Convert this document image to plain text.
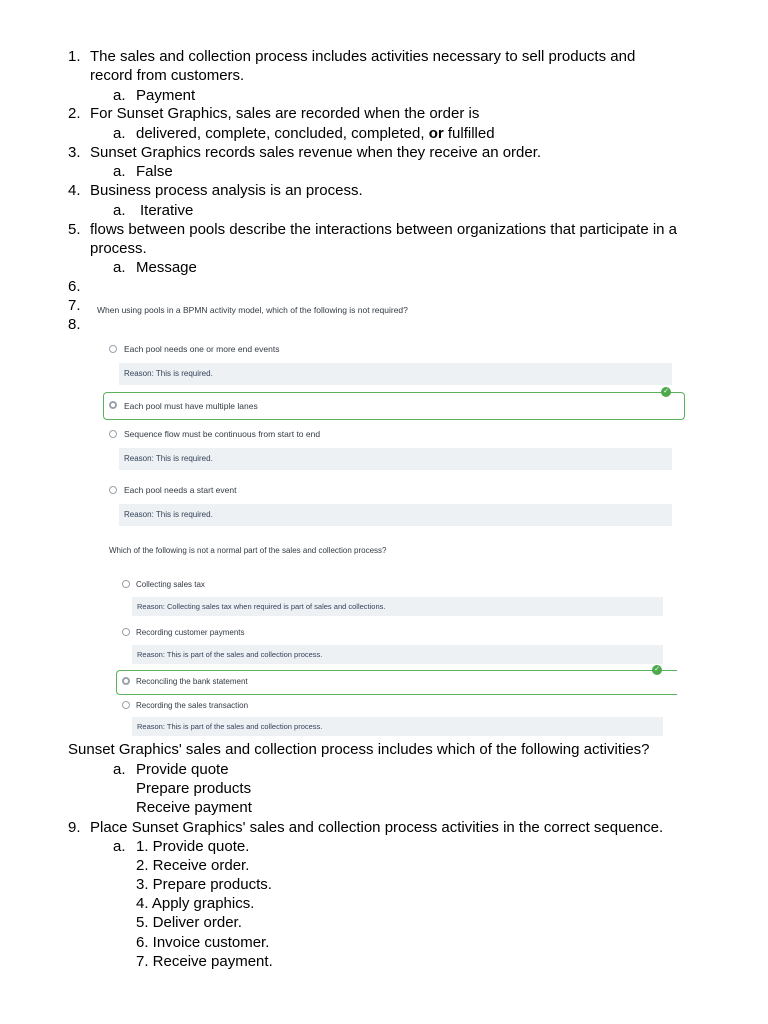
1. The sales and collection process includes activities necessary to sell products and
record from customers.
a. Payment
2. For Sunset Graphics, sales are recorded when the order is
a. delivered, complete, concluded, completed, or fulfilled
3. Sunset Graphics records sales revenue when they receive an order.
a. False
4. Business process analysis is an process.
a. Iterative
5. flows between pools describe the interactions between organizations that participate in a
process.
a. Message
6.
7.
8.
When using pools in a BPMN activity model, which of the following is not required?
Each pool needs one or more end events
Reason: This is required.
✓
Each pool must have multiple lanes
Sequence flow must be continuous from start to end
Reason: This is required.
Each pool needs a start event
Reason: This is required.
Which of the following is not a normal part of the sales and collection process?
Collecting sales tax
Reason: Collecting sales tax when required is part of sales and collections.
Recording customer payments
Reason: This is part of the sales and collection process.
✓
Reconciling the bank statement
Recording the sales transaction
Reason: This is part of the sales and collection process.
Sunset Graphics' sales and collection process includes which of the following activities?
a. Provide quote
Prepare products
Receive payment
9. Place Sunset Graphics' sales and collection process activities in the correct sequence.
a. 1. Provide quote.
2. Receive order.
3. Prepare products.
4. Apply graphics.
5. Deliver order.
6. Invoice customer.
7. Receive payment.
